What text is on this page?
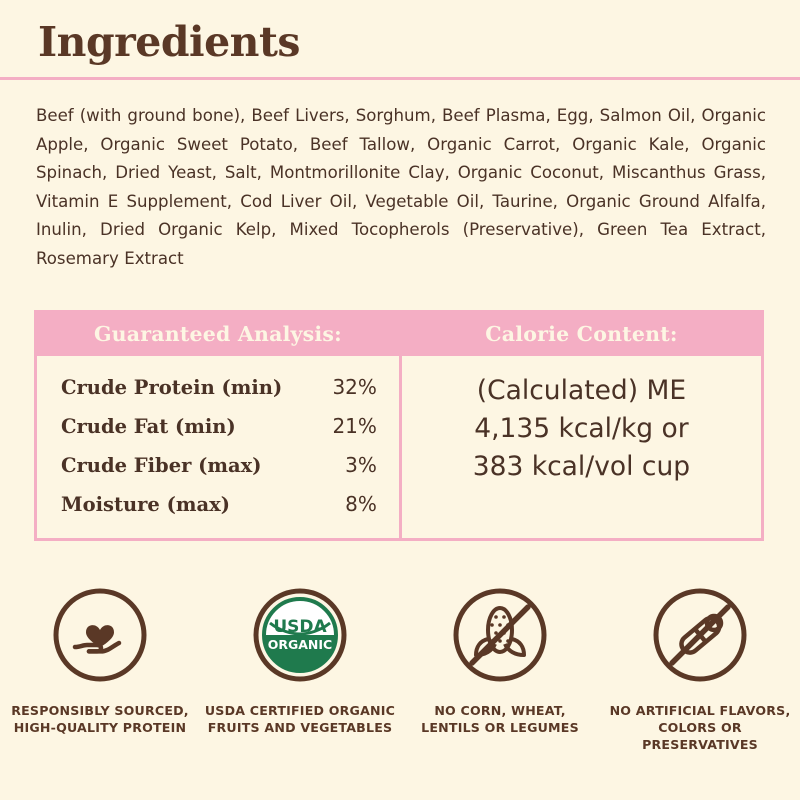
Ingredients
Beef (with ground bone), Beef Livers, Sorghum, Beef Plasma, Egg, Salmon Oil, Organic Apple, Organic Sweet Potato, Beef Tallow, Organic Carrot, Organic Kale, Organic Spinach, Dried Yeast, Salt, Montmorillonite Clay, Organic Coconut, Miscanthus Grass, Vitamin E Supplement, Cod Liver Oil, Vegetable Oil, Taurine, Organic Ground Alfalfa, Inulin, Dried Organic Kelp, Mixed Tocopherols (Preservative), Green Tea Extract, Rosemary Extract
Guaranteed Analysis:
Crude Protein (min)	32%
Crude Fat (min)	21%
Crude Fiber (max)	3%
Moisture (max)	8%
Calorie Content:
(Calculated) ME
4,135 kcal/kg or
383 kcal/vol cup
RESPONSIBLY SOURCED,
HIGH-QUALITY PROTEIN
USDA
ORGANIC
USDA CERTIFIED ORGANIC
FRUITS AND VEGETABLES
NO CORN, WHEAT,
LENTILS OR LEGUMES
NO ARTIFICIAL FLAVORS,
COLORS OR PRESERVATIVES
